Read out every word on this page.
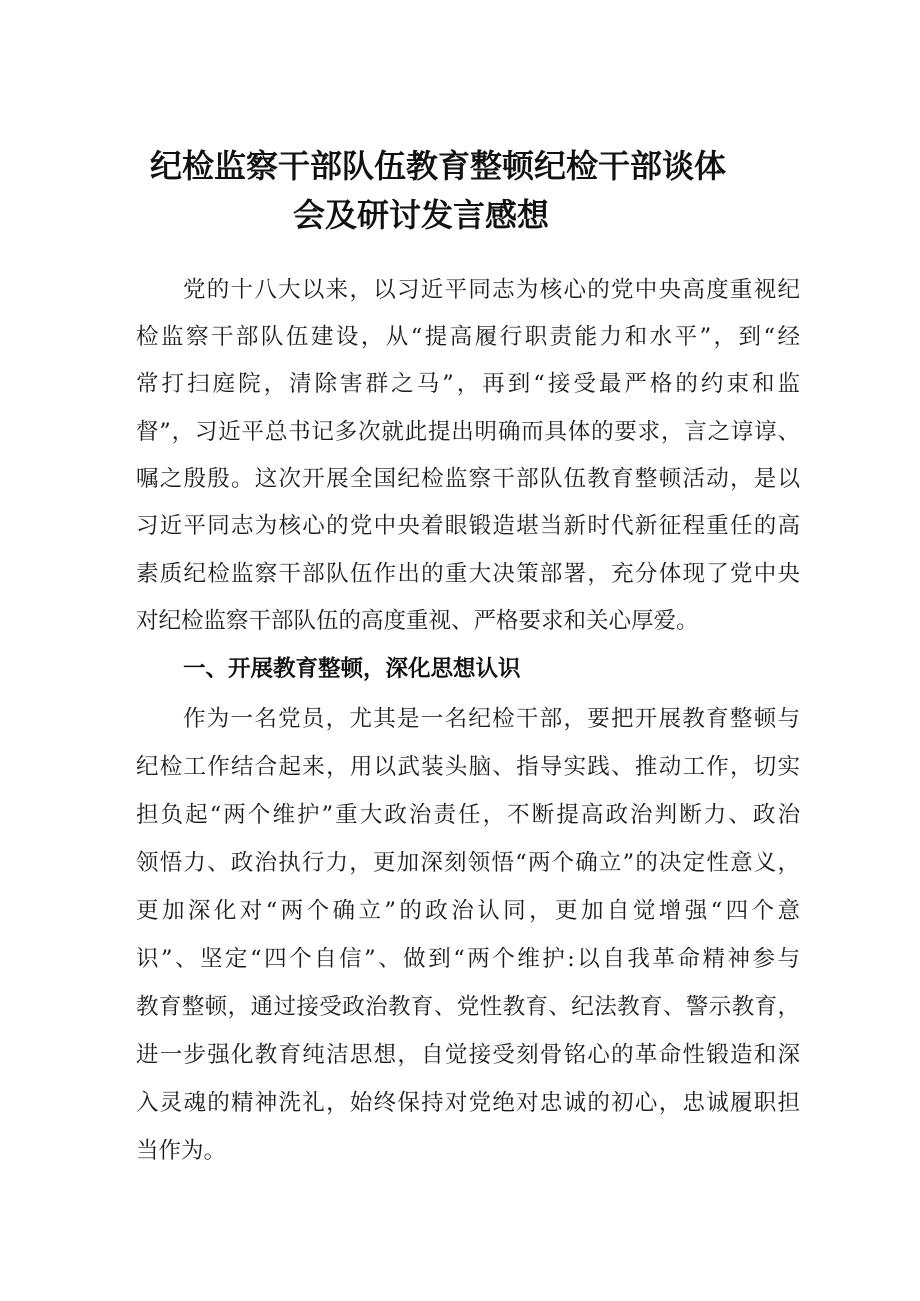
纪检监察干部队伍教育整顿纪检干部谈体
会及研讨发言感想
党的十八大以来，以习近平同志为核心的党中央高度重视纪
检监察干部队伍建设，从“提高履行职责能力和水平”，到“经
常打扫庭院，清除害群之马”，再到“接受最严格的约束和监
督”，习近平总书记多次就此提出明确而具体的要求，言之谆谆、
嘱之殷殷。这次开展全国纪检监察干部队伍教育整顿活动，是以
习近平同志为核心的党中央着眼锻造堪当新时代新征程重任的高
素质纪检监察干部队伍作出的重大决策部署，充分体现了党中央
对纪检监察干部队伍的高度重视、严格要求和关心厚爱。
一、开展教育整顿，深化思想认识
作为一名党员，尤其是一名纪检干部，要把开展教育整顿与
纪检工作结合起来，用以武装头脑、指导实践、推动工作，切实
担负起“两个维护”重大政治责任，不断提高政治判断力、政治
领悟力、政治执行力，更加深刻领悟“两个确立”的决定性意义，
更加深化对“两个确立”的政治认同，更加自觉增强“四个意
识”、坚定“四个自信”、做到“两个维护:以自我革命精神参与
教育整顿，通过接受政治教育、党性教育、纪法教育、警示教育，
进一步强化教育纯洁思想，自觉接受刻骨铭心的革命性锻造和深
入灵魂的精神洗礼，始终保持对党绝对忠诚的初心，忠诚履职担
当作为。
